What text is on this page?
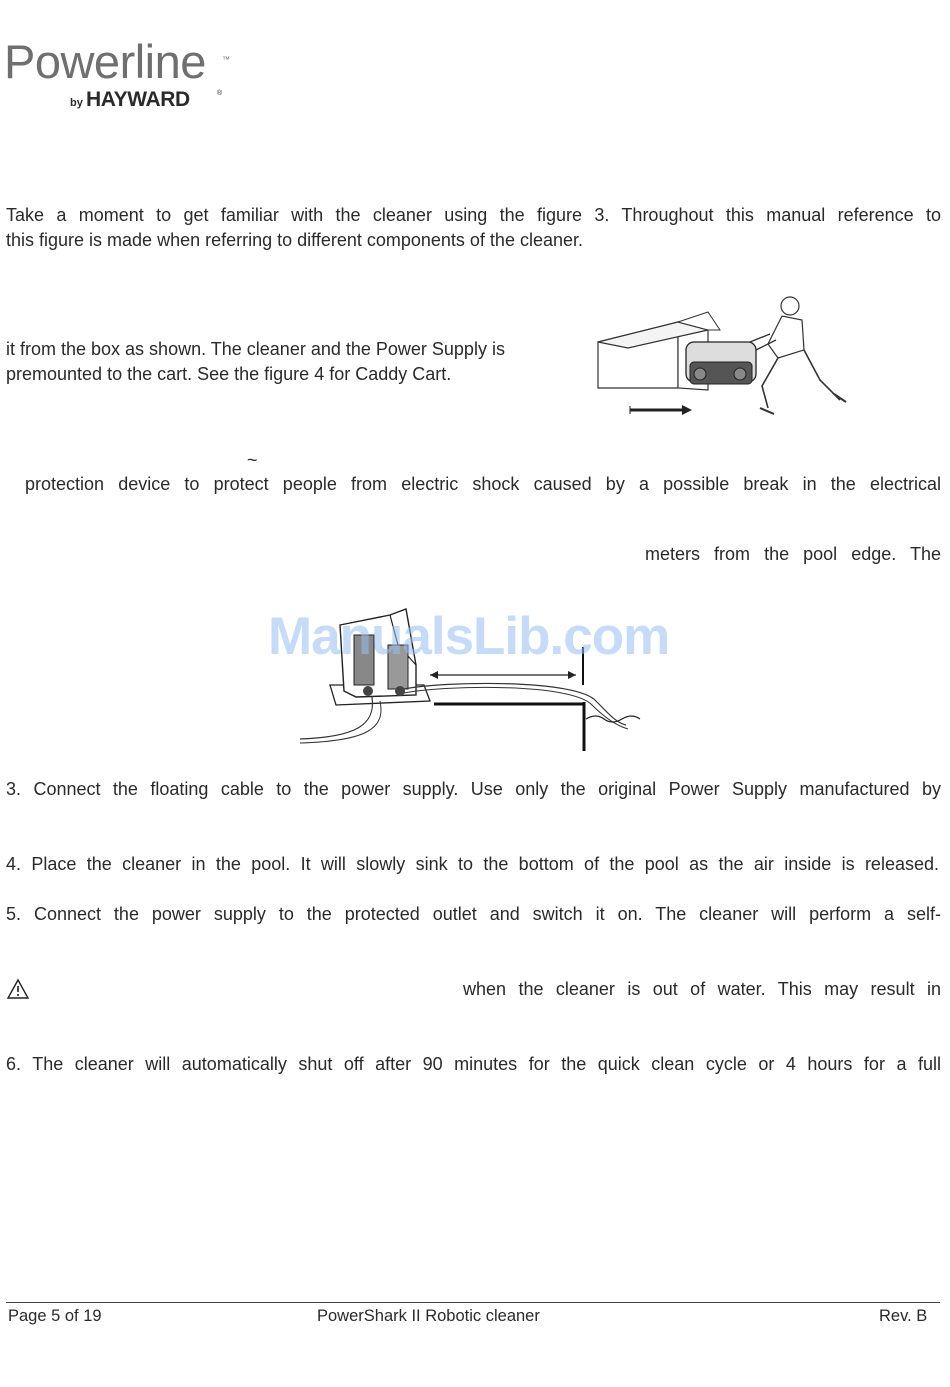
Powerline ™
by HAYWARD	®
Take a moment to get familiar with the cleaner using the figure 3. Throughout this manual reference to
this figure is made when referring to different components of the cleaner.
it from the box as shown. The cleaner and the Power Supply is
premounted to the cart. See the figure 4 for Caddy Cart.
~
protection device to protect people from electric shock caused by a possible break in the electrical
meters from the pool edge. The
ManualsLib.com
3. Connect the floating cable to the power supply. Use only the original Power Supply manufactured by
4. Place the cleaner in the pool. It will slowly sink to the bottom of the pool as the air inside is released.
5. Connect the power supply to the protected outlet and switch it on. The cleaner will perform a self-
when the cleaner is out of water. This may result in
6. The cleaner will automatically shut off after 90 minutes for the quick clean cycle or 4 hours for a full
Page 5 of 19	PowerShark II Robotic cleaner	Rev. B
